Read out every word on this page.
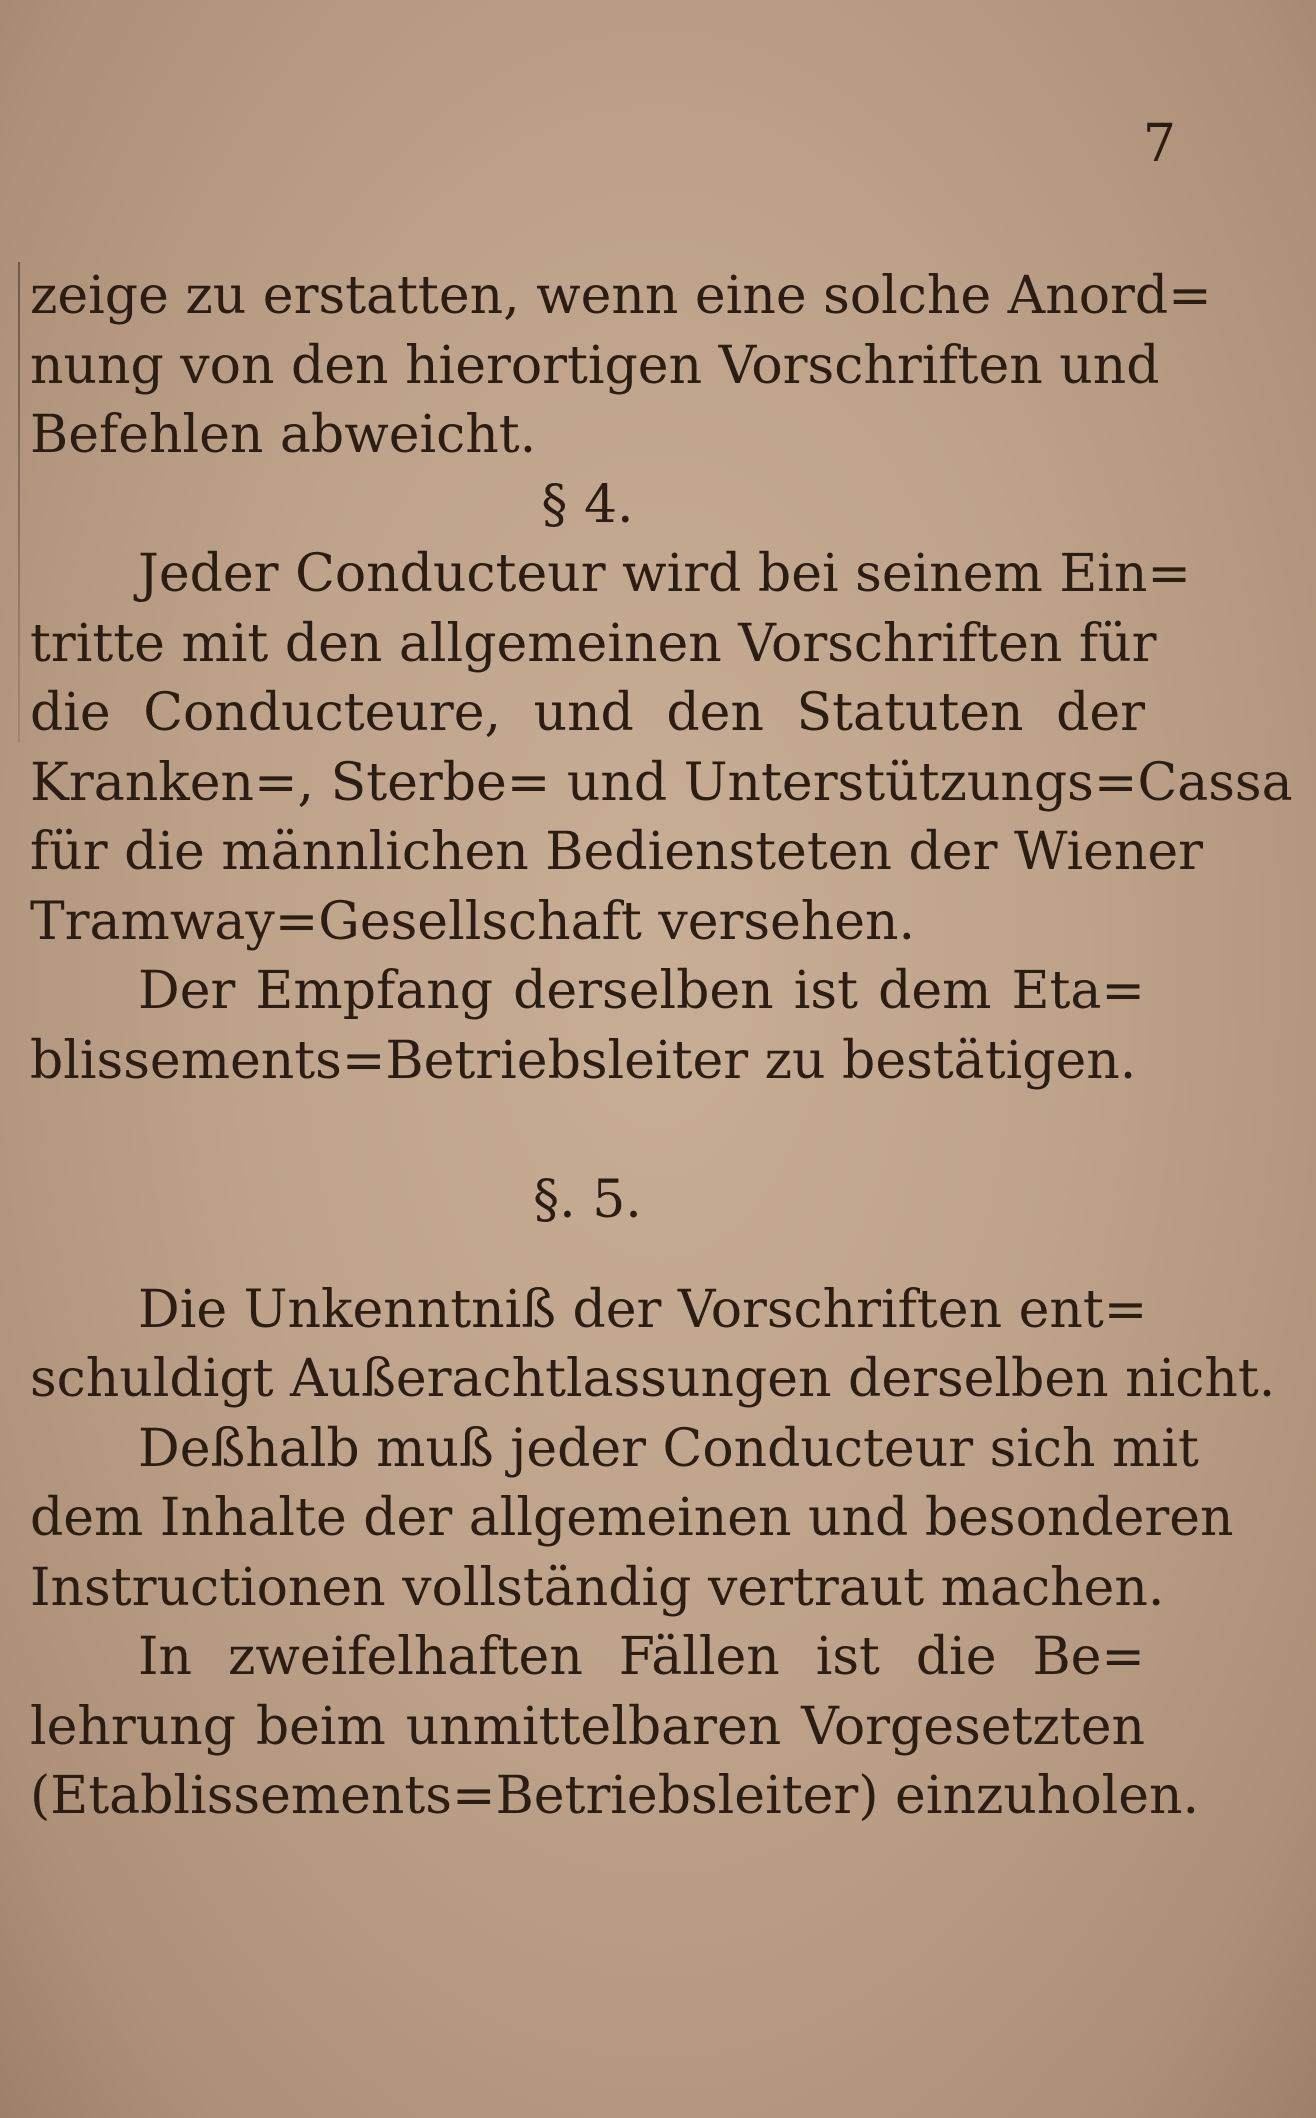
7
zeige zu erstatten, wenn eine solche Anord=
nung von den hierortigen Vorschriften und
Befehlen abweicht.
§ 4.
Jeder Conducteur wird bei seinem Ein=
tritte mit den allgemeinen Vorschriften für
die Conducteure, und den Statuten der
Kranken=, Sterbe= und Unterstützungs=Cassa
für die männlichen Bediensteten der Wiener
Tramway=Gesellschaft versehen.
Der Empfang derselben ist dem Eta=
blissements=Betriebsleiter zu bestätigen.
§. 5.
Die Unkenntniß der Vorschriften ent=
schuldigt Außerachtlassungen derselben nicht.
Deßhalb muß jeder Conducteur sich mit
dem Inhalte der allgemeinen und besonderen
Instructionen vollständig vertraut machen.
In zweifelhaften Fällen ist die Be=
lehrung beim unmittelbaren Vorgesetzten
(Etablissements=Betriebsleiter) einzuholen.
